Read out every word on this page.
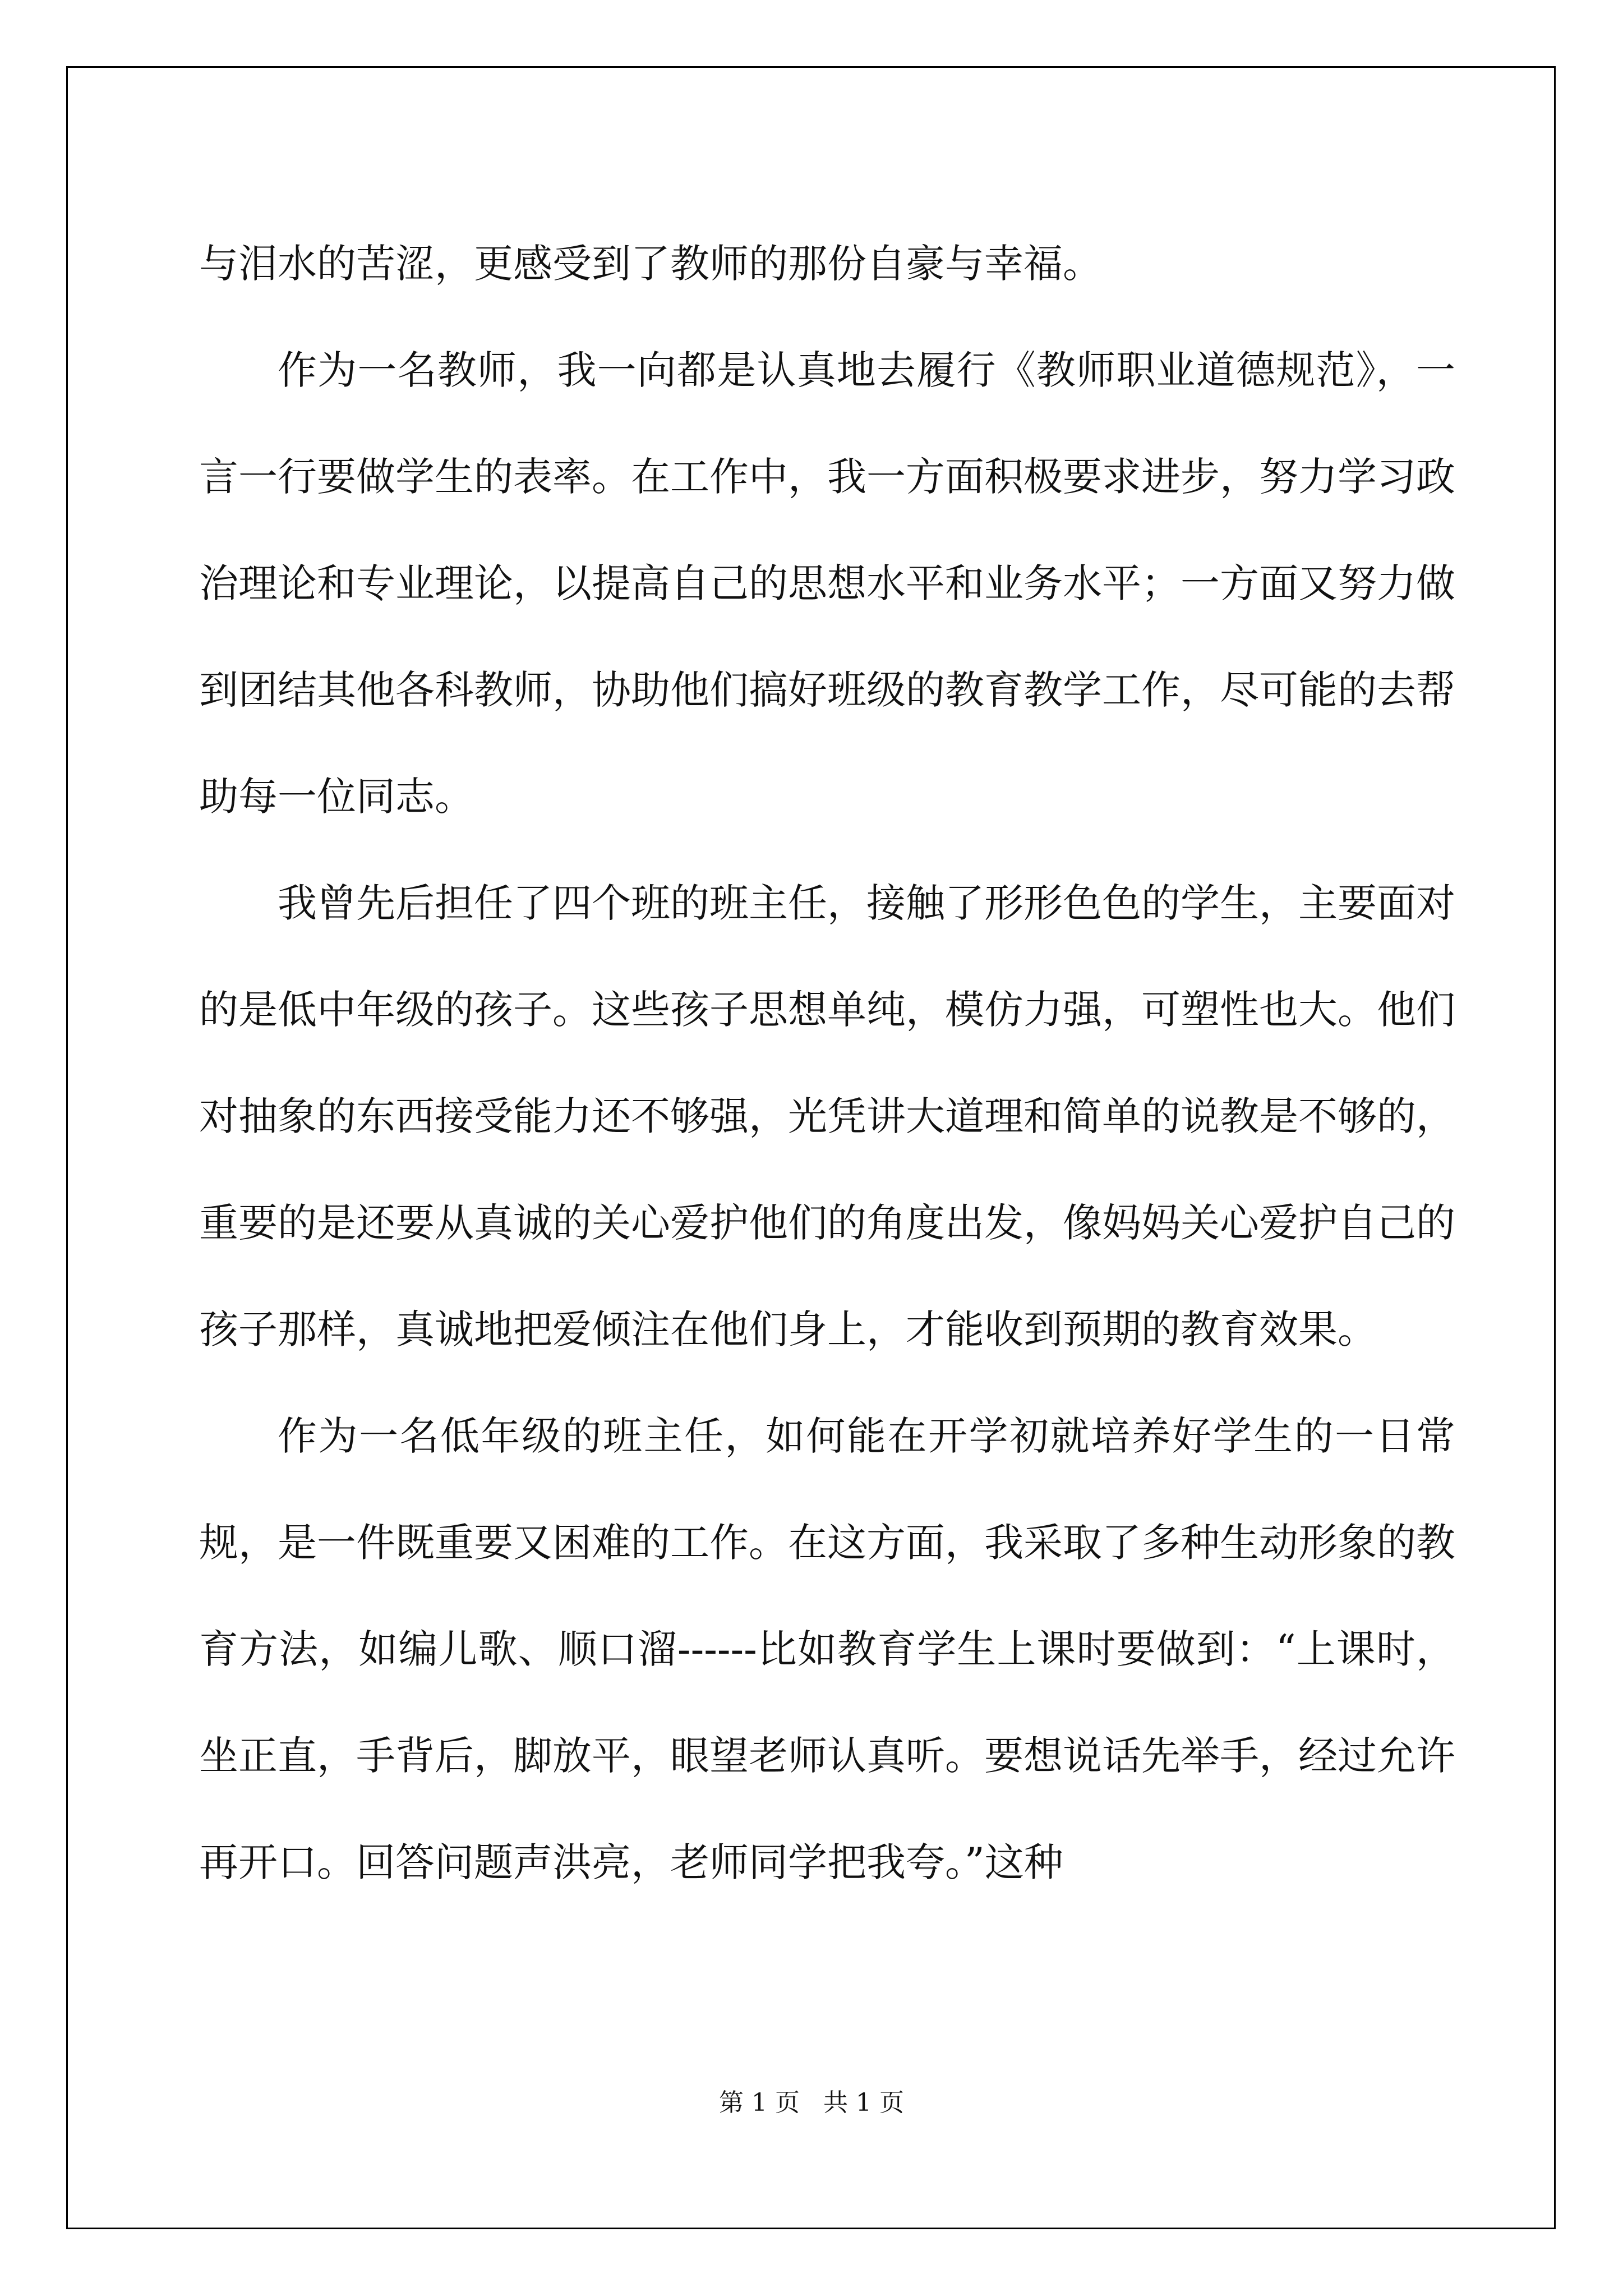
与泪水的苦涩，更感受到了教师的那份自豪与幸福。

作为一名教师，我一向都是认真地去履行《教师职业道德规范》，一言一行要做学生的表率。在工作中，我一方面积极要求进步，努力学习政治理论和专业理论，以提高自己的思想水平和业务水平；一方面又努力做到团结其他各科教师，协助他们搞好班级的教育教学工作，尽可能的去帮助每一位同志。

我曾先后担任了四个班的班主任，接触了形形色色的学生，主要面对的是低中年级的孩子。这些孩子思想单纯，模仿力强，可塑性也大。他们对抽象的东西接受能力还不够强，光凭讲大道理和简单的说教是不够的，重要的是还要从真诚的关心爱护他们的角度出发，像妈妈关心爱护自己的孩子那样，真诚地把爱倾注在他们身上，才能收到预期的教育效果。

作为一名低年级的班主任，如何能在开学初就培养好学生的一日常规，是一件既重要又困难的工作。在这方面，我采取了多种生动形象的教育方法，如编儿歌、顺口溜------比如教育学生上课时要做到：“上课时，坐正直，手背后，脚放平，眼望老师认真听。要想说话先举手，经过允许再开口。回答问题声洪亮，老师同学把我夸。”这种

第 1 页   共 1 页
